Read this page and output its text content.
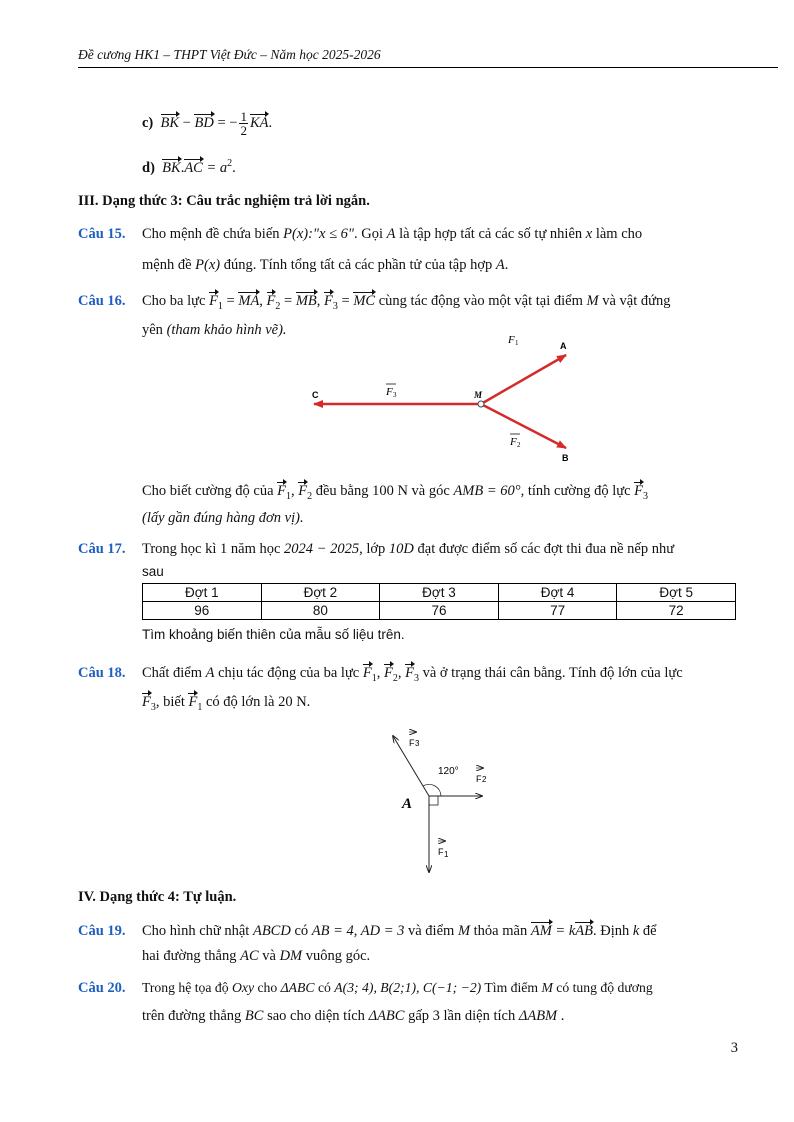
Đề cương HK1 – THPT Việt Đức – Năm học 2025-2026
c) BK − BD = − $\frac{1}{2}$ KA.
d) $BK.AC = a^2$.
III. Dạng thức 3: Câu trắc nghiệm trả lời ngắn.
Câu 15. Cho mệnh đề chứa biến P(x):"x ≤ 6". Gọi A là tập hợp tất cả các số tự nhiên x làm cho
mệnh đề P(x) đúng. Tính tổng tất cả các phần tử của tập hợp A.
Câu 16. Cho ba lực $F_1$ = MA, $F_2$ = MB, $F_3$ = MC cùng tác động vào một vật tại điểm M và vật đứng
yên (tham khảo hình vẽ).
C
A
B
M
F 3
F 1
F 2
Cho biết cường độ của $F_1$, $F_2$ đều bằng 100 N và góc AMB = 60°, tính cường độ lực $F_3$
(lấy gần đúng hàng đơn vị).
Câu 17. Trong học kì 1 năm học 2024 − 2025, lớp 10D đạt được điểm số các đợt thi đua nề nếp như
sau
Đợt 1	Đợt 2	Đợt 3	Đợt 4	Đợt 5
96	80	76	77	72
Tìm khoảng biến thiên của mẫu số liệu trên.
Câu 18. Chất điểm A chịu tác động của ba lực $F_1$, $F_2$, $F_3$ và ở trạng thái cân bằng. Tính độ lớn của lực
$F_3$, biết $F_1$ có độ lớn là 20 N.
120°
A
F 3
F 2
F 1
IV. Dạng thức 4: Tự luận.
Câu 19. Cho hình chữ nhật ABCD có AB = 4, AD = 3 và điểm M thỏa mãn AM = kAB. Định k để
hai đường thẳng AC và DM vuông góc.
Câu 20. Trong hệ tọa độ Oxy cho ΔABC có A(3; 4), B(2;1), C(−1; −2) Tìm điểm M có tung độ dương
trên đường thẳng BC sao cho diện tích ΔABC gấp 3 lần diện tích ΔABM .
3
